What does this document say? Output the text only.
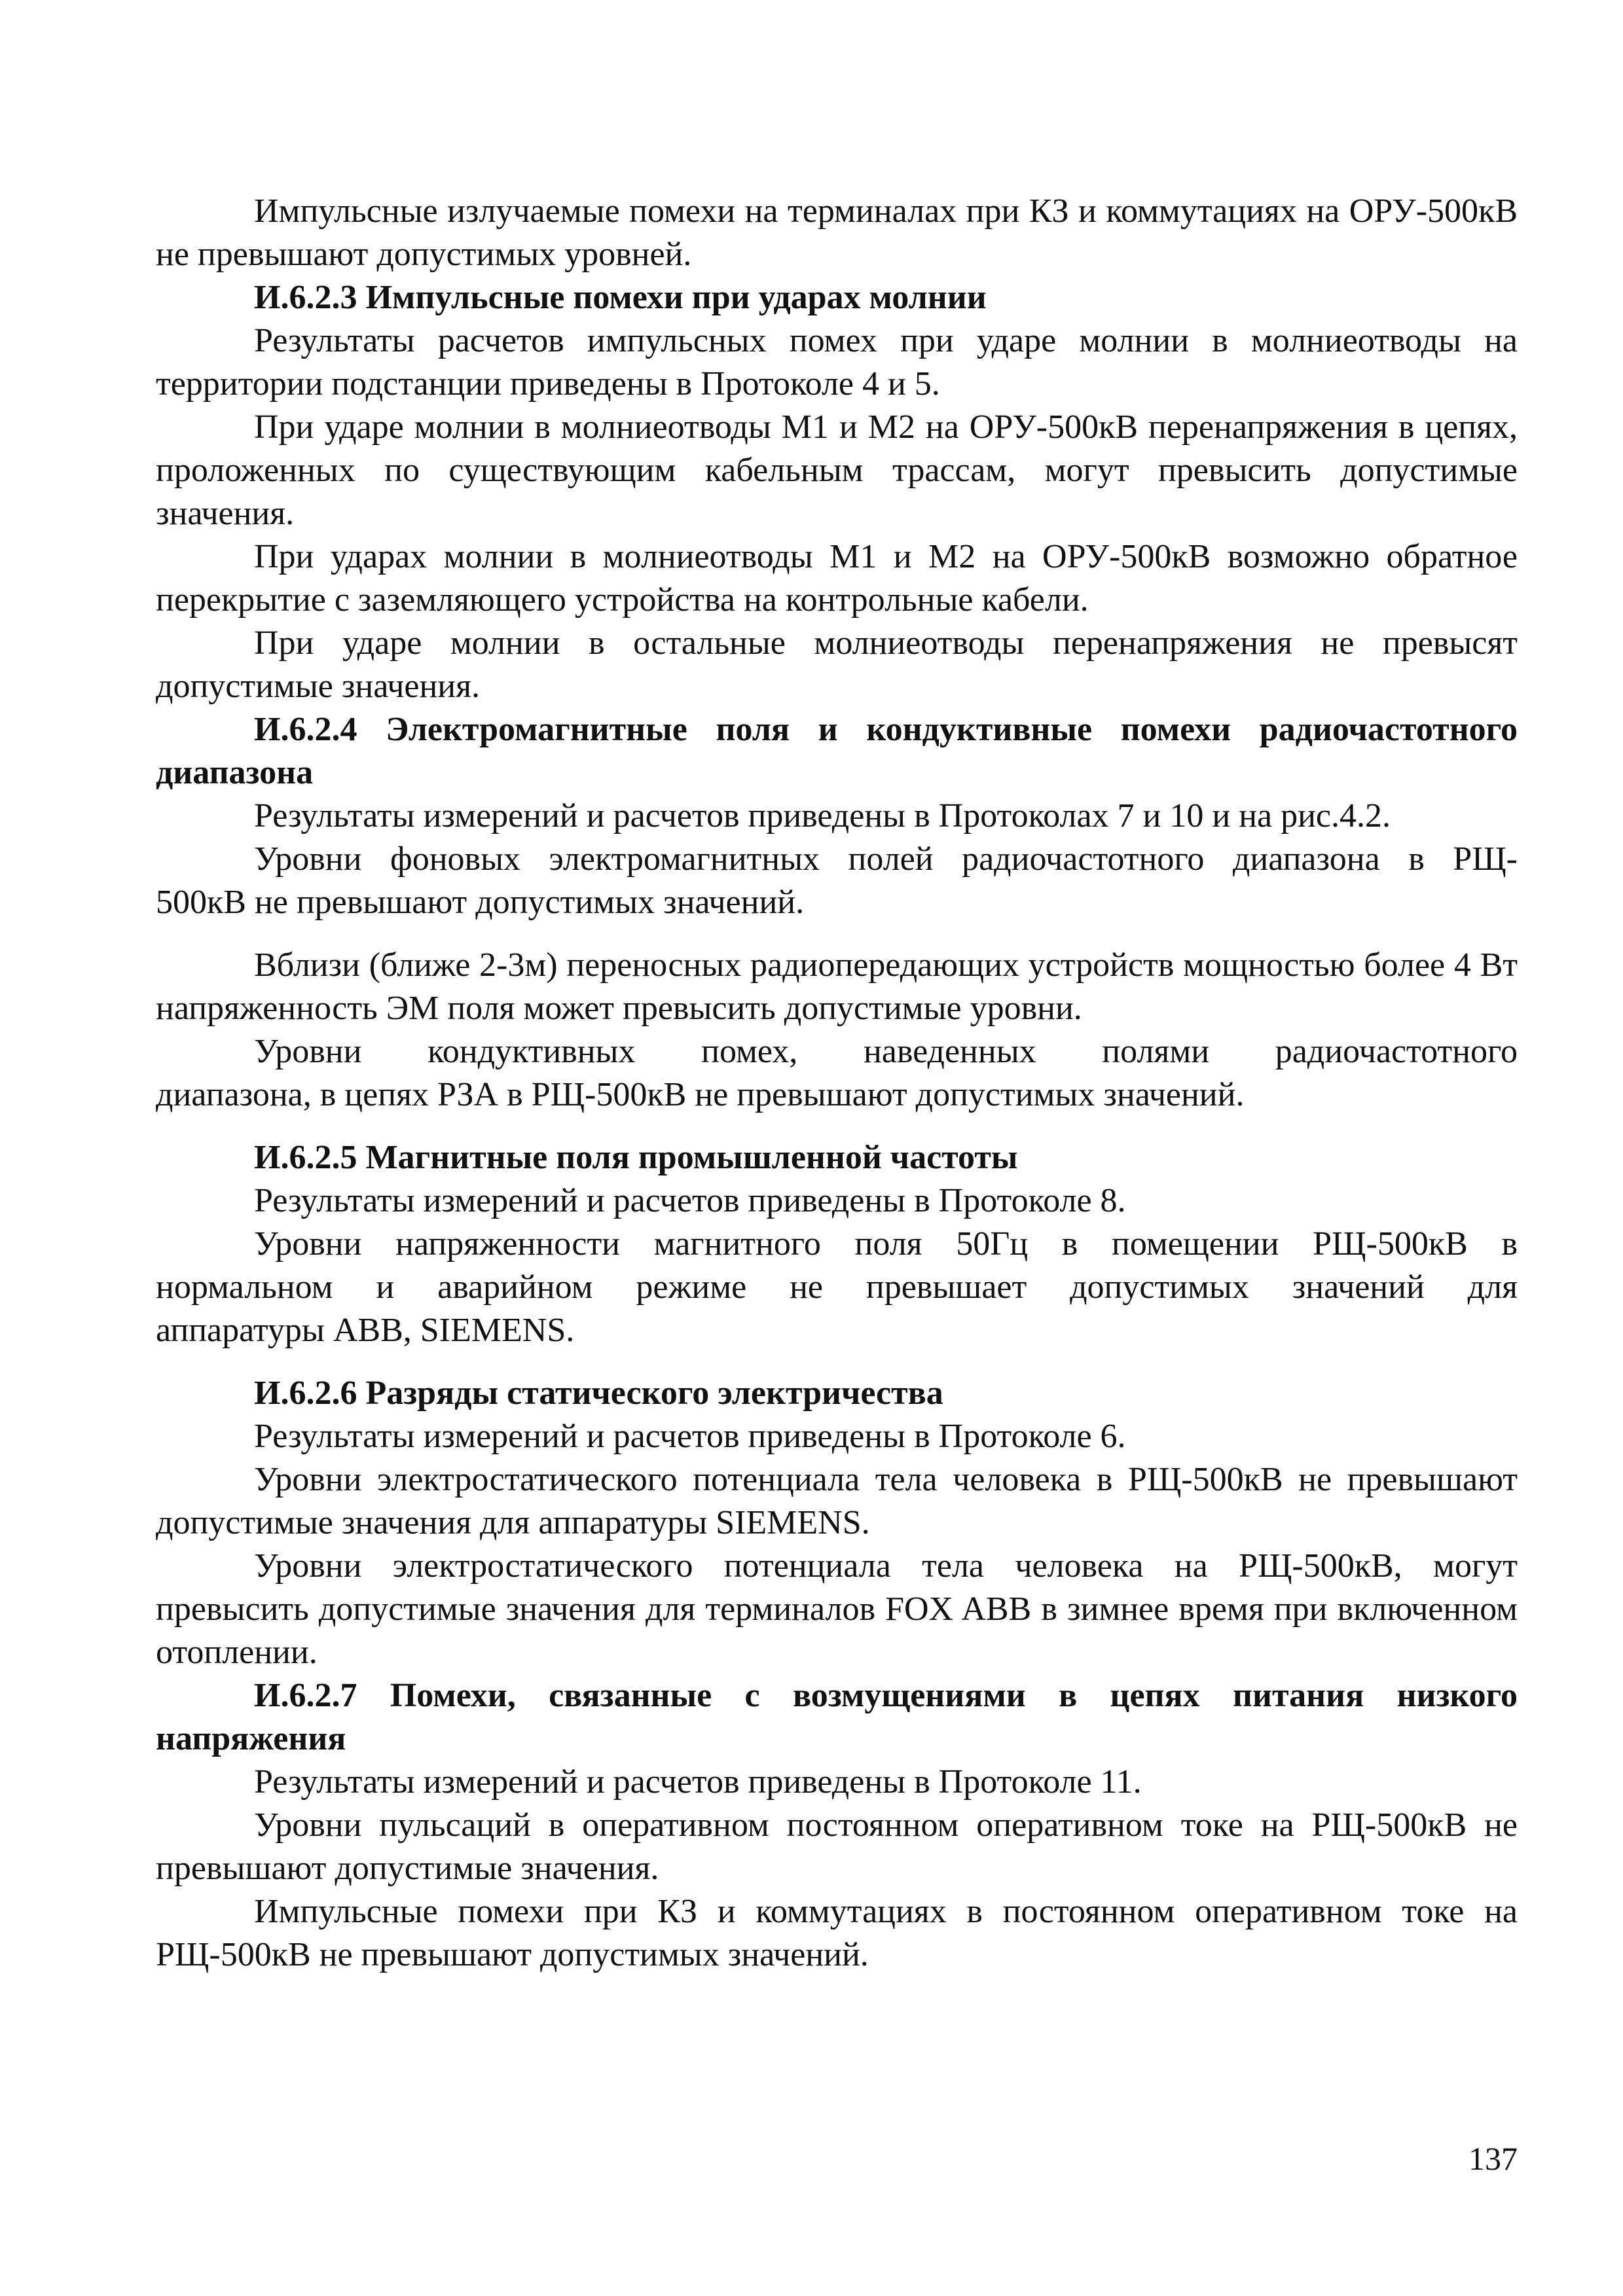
Импульсные излучаемые помехи на терминалах при КЗ и коммутациях на ОРУ-500кВ не превышают допустимых уровней.

И.6.2.3 Импульсные помехи при ударах молнии

Результаты расчетов импульсных помех при ударе молнии в молниеотводы на территории подстанции приведены в Протоколе 4 и 5.

При ударе молнии в молниеотводы М1 и М2 на ОРУ-500кВ перенапряжения в цепях, проложенных по существующим кабельным трассам, могут превысить допустимые значения.

При ударах молнии в молниеотводы М1 и М2 на ОРУ-500кВ возможно обратное перекрытие с заземляющего устройства на контрольные кабели.

При ударе молнии в остальные молниеотводы перенапряжения не превысят допустимые значения.

И.6.2.4 Электромагнитные поля и кондуктивные помехи радиочастотного диапазона

Результаты измерений и расчетов приведены в Протоколах 7 и 10 и на рис.4.2.

Уровни фоновых электромагнитных полей радиочастотного диапазона в РЩ-

500кВ не превышают допустимых значений.

Вблизи (ближе 2-3м) переносных радиопередающих устройств мощностью более 4 Вт напряженность ЭМ поля может превысить допустимые уровни.

Уровни кондуктивных помех, наведенных полями радиочастотного

диапазона, в цепях РЗА в РЩ-500кВ не превышают допустимых значений.

И.6.2.5 Магнитные поля промышленной частоты

Результаты измерений и расчетов приведены в Протоколе 8.

Уровни напряженности магнитного поля 50Гц в помещении РЩ-500кВ в

нормальном и аварийном режиме не превышает допустимых значений для

аппаратуры ABB, SIEMENS.

И.6.2.6 Разряды статического электричества

Результаты измерений и расчетов приведены в Протоколе 6.

Уровни электростатического потенциала тела человека в РЩ-500кВ не превышают допустимые значения для аппаратуры SIEMENS.

Уровни электростатического потенциала тела человека на РЩ-500кВ, могут превысить допустимые значения для терминалов FOX ABB в зимнее время при включенном отоплении.

И.6.2.7 Помехи, связанные с возмущениями в цепях питания низкого напряжения

Результаты измерений и расчетов приведены в Протоколе 11.

Уровни пульсаций в оперативном постоянном оперативном токе на РЩ-500кВ не превышают допустимые значения.

Импульсные помехи при КЗ и коммутациях в постоянном оперативном токе на РЩ-500кВ не превышают допустимых значений.

137
